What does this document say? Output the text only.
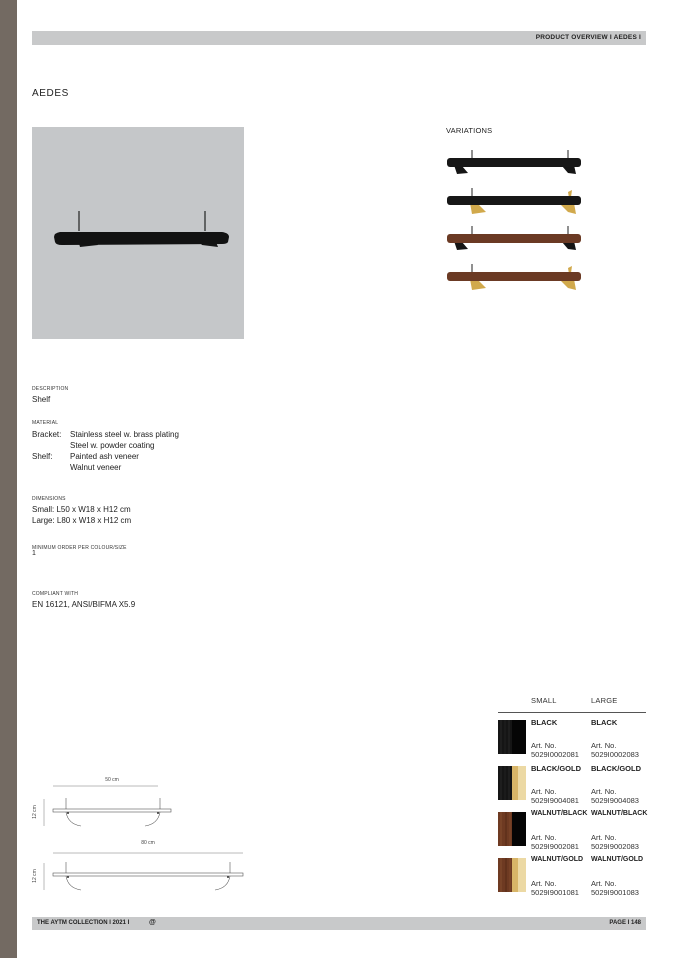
PRODUCT OVERVIEW I AEDES I
AEDES
VARIATIONS
DESCRIPTION
Shelf
MATERIAL
Bracket: Stainless steel w. brass plating
Steel w. powder coating
Shelf: Painted ash veneer
Walnut veneer
DIMENSIONS
Small: L50 x W18 x H12 cm
Large: L80 x W18 x H12 cm
MINIMUM ORDER PER COLOUR/SIZE
1
COMPLIANT WITH
EN 16121, ANSI/BIFMA X5.9
50 cm
12 cm
80 cm
12 cm
SMALL	LARGE
BLACK	BLACK
Art. No.
5029I0002081
Art. No.
5029I0002083
BLACK/GOLD BLACK/GOLD
Art. No.
5029I9004081
Art. No.
5029I9004083
WALNUT/BLACK WALNUT/BLACK
Art. No.
5029I9002081
Art. No.
5029I9002083
WALNUT/GOLD WALNUT/GOLD
Art. No.
5029I9001081
Art. No.
5029I9001083
THE AYTM COLLECTION I 2021 I	@	PAGE I 148
